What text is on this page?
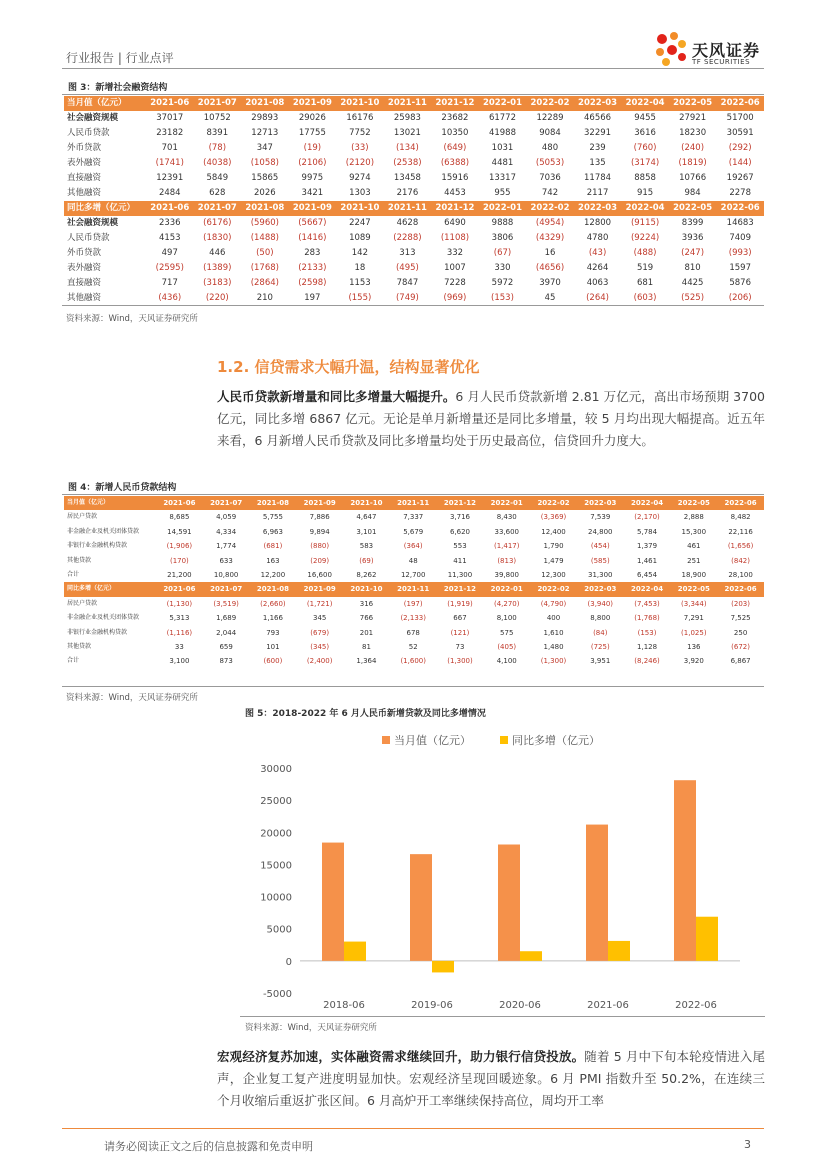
行业报告 | 行业点评	天风证券
TF SECURITIES
图 3：新增社会融资结构
当月值（亿元）	2021-06	2021-07	2021-08	2021-09	2021-10	2021-11	2021-12	2022-01	2022-02	2022-03	2022-04	2022-05	2022-06
社会融资规模	37017	10752	29893	29026	16176	25983	23682	61772	12289	46566	9455	27921	51700
人民币贷款	23182	8391	12713	17755	7752	13021	10350	41988	9084	32291	3616	18230	30591
外币贷款	701	(78)	347	(19)	(33)	(134)	(649)	1031	480	239	(760)	(240)	(292)
表外融资	(1741)	(4038)	(1058)	(2106)	(2120)	(2538)	(6388)	4481	(5053)	135	(3174)	(1819)	(144)
直接融资	12391	5849	15865	9975	9274	13458	15916	13317	7036	11784	8858	10766	19267
其他融资	2484	628	2026	3421	1303	2176	4453	955	742	2117	915	984	2278
同比多增（亿元）	2021-06	2021-07	2021-08	2021-09	2021-10	2021-11	2021-12	2022-01	2022-02	2022-03	2022-04	2022-05	2022-06
社会融资规模	2336	(6176)	(5960)	(5667)	2247	4628	6490	9888	(4954)	12800	(9115)	8399	14683
人民币贷款	4153	(1830)	(1488)	(1416)	1089	(2288)	(1108)	3806	(4329)	4780	(9224)	3936	7409
外币贷款	497	446	(50)	283	142	313	332	(67)	16	(43)	(488)	(247)	(993)
表外融资	(2595)	(1389)	(1768)	(2133)	18	(495)	1007	330	(4656)	4264	519	810	1597
直接融资	717	(3183)	(2864)	(2598)	1153	7847	7228	5972	3970	4063	681	4425	5876
其他融资	(436)	(220)	210	197	(155)	(749)	(969)	(153)	45	(264)	(603)	(525)	(206)
资料来源：Wind，天风证券研究所
1.2. 信贷需求大幅升温，结构显著优化
人民币贷款新增量和同比多增量大幅提升。6 月人民币贷款新增 2.81 万亿元，高出市场预期 3700 亿元，同比多增 6867 亿元。无论是单月新增量还是同比多增量，较 5 月均出现大幅提高。近五年来看，6 月新增人民币贷款及同比多增量均处于历史最高位，信贷回升力度大。
图 4：新增人民币贷款结构
当月值（亿元）	2021-06	2021-07	2021-08	2021-09	2021-10	2021-11	2021-12	2022-01	2022-02	2022-03	2022-04	2022-05	2022-06
居民户贷款	8,685	4,059	5,755	7,886	4,647	7,337	3,716	8,430	(3,369)	7,539	(2,170)	2,888	8,482
非金融企业及机关团体贷款	14,591	4,334	6,963	9,894	3,101	5,679	6,620	33,600	12,400	24,800	5,784	15,300	22,116
非银行业金融机构贷款	(1,906)	1,774	(681)	(880)	583	(364)	553	(1,417)	1,790	(454)	1,379	461	(1,656)
其他贷款	(170)	633	163	(209)	(69)	48	411	(813)	1,479	(585)	1,461	251	(842)
合计	21,200	10,800	12,200	16,600	8,262	12,700	11,300	39,800	12,300	31,300	6,454	18,900	28,100
同比多增（亿元）	2021-06	2021-07	2021-08	2021-09	2021-10	2021-11	2021-12	2022-01	2022-02	2022-03	2022-04	2022-05	2022-06
居民户贷款	(1,130)	(3,519)	(2,660)	(1,721)	316	(197)	(1,919)	(4,270)	(4,790)	(3,940)	(7,453)	(3,344)	(203)
非金融企业及机关团体贷款	5,313	1,689	1,166	345	766	(2,133)	667	8,100	400	8,800	(1,768)	7,291	7,525
非银行业金融机构贷款	(1,116)	2,044	793	(679)	201	678	(121)	575	1,610	(84)	(153)	(1,025)	250
其他贷款	33	659	101	(345)	81	52	73	(405)	1,480	(725)	1,128	136	(672)
合计	3,100	873	(600)	(2,400)	1,364	(1,600)	(1,300)	4,100	(1,300)	3,951	(8,246)	3,920	6,867
资料来源：Wind，天风证券研究所
图 5：2018-2022 年 6 月人民币新增贷款及同比多增情况
当月值（亿元）	同比多增（亿元）
30000
25000
20000
15000
10000
5000
0
-5000
2018-06	2019-06	2020-06	2021-06	2022-06
资料来源：Wind，天风证券研究所
宏观经济复苏加速，实体融资需求继续回升，助力银行信贷投放。随着 5 月中下旬本轮疫情进入尾声，企业复工复产进度明显加快。宏观经济呈现回暖迹象。6 月 PMI 指数升至 50.2%，在连续三个月收缩后重返扩张区间。6 月高炉开工率继续保持高位，周均开工率
请务必阅读正文之后的信息披露和免责申明	3
